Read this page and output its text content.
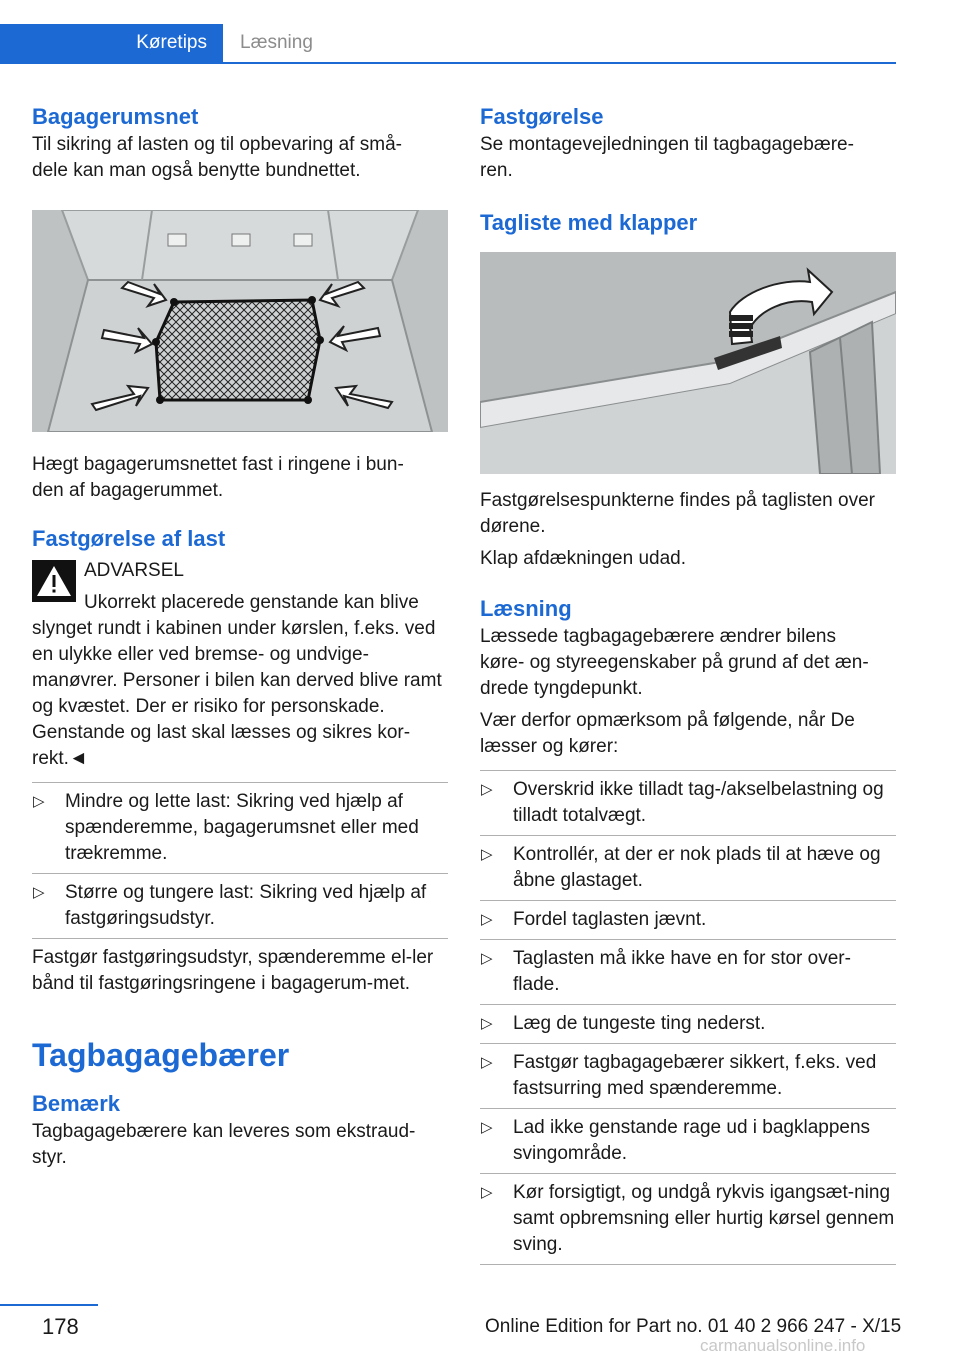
Køretips	Læsning

Bagagerumsnet

Til sikring af lasten og til opbevaring af små-dele kan man også benytte bundnettet.

Hægt bagagerumsnettet fast i ringene i bun-den af bagagerummet.

Fastgørelse af last

ADVARSEL

Ukorrekt placerede genstande kan blive slynget rundt i kabinen under kørslen, f.eks. ved en ulykke eller ved bremse- og undvige-manøvrer. Personer i bilen kan derved blive ramt og kvæstet. Der er risiko for personskade. Genstande og last skal læsses og sikres kor-rekt.◄

▷ Mindre og lette last: Sikring ved hjælp af spænderemme, bagagerumsnet eller med trækremme.
▷ Større og tungere last: Sikring ved hjælp af fastgøringsudstyr.

Fastgør fastgøringsudstyr, spænderemme el-ler bånd til fastgøringsringene i bagagerum-met.

Tagbagagebærer

Bemærk

Tagbagagebærere kan leveres som ekstraud-styr.

Fastgørelse

Se montagevejledningen til tagbagagebære-ren.

Tagliste med klapper

Fastgørelsespunkterne findes på taglisten over dørene.

Klap afdækningen udad.

Læsning

Læssede tagbagagebærere ændrer bilens køre- og styreegenskaber på grund af det æn-drede tyngdepunkt.

Vær derfor opmærksom på følgende, når De læsser og kører:

▷ Overskrid ikke tilladt tag-/akselbelastning og tilladt totalvægt.
▷ Kontrollér, at der er nok plads til at hæve og åbne glastaget.
▷ Fordel taglasten jævnt.
▷ Taglasten må ikke have en for stor over-flade.
▷ Læg de tungeste ting nederst.
▷ Fastgør tagbagagebærer sikkert, f.eks. ved fastsurring med spænderemme.
▷ Lad ikke genstande rage ud i bagklappens svingområde.
▷ Kør forsigtigt, og undgå rykvis igangsæt-ning samt opbremsning eller hurtig kørsel gennem sving.
178	Online Edition for Part no. 01 40 2 966 247 - X/15
carmanualsonline.info
